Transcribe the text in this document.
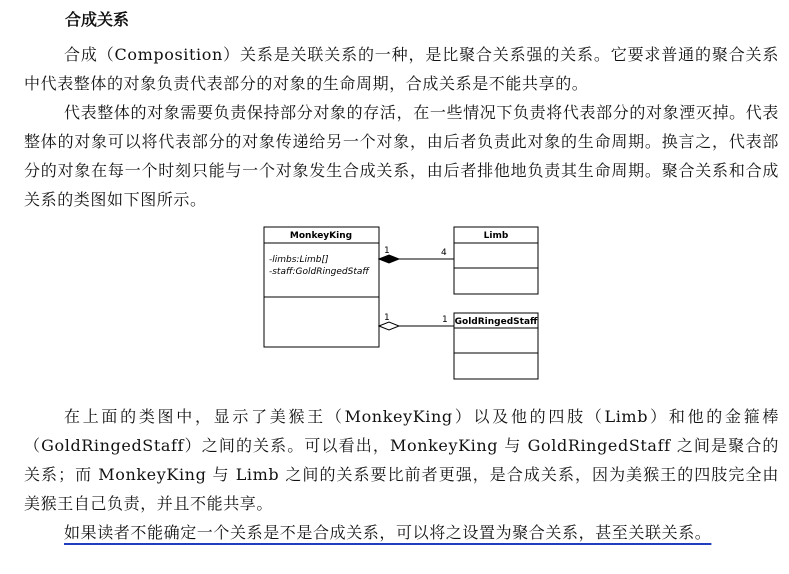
合成关系

合成（Composition）关系是关联关系的一种，是比聚合关系强的关系。它要求普通的聚合关系中代表整体的对象负责代表部分的对象的生命周期，合成关系是不能共享的。

代表整体的对象需要负责保持部分对象的存活，在一些情况下负责将代表部分的对象湮灭掉。代表整体的对象可以将代表部分的对象传递给另一个对象，由后者负责此对象的生命周期。换言之，代表部分的对象在每一个时刻只能与一个对象发生合成关系，由后者排他地负责其生命周期。聚合关系和合成关系的类图如下图所示。

MonkeyKing
-limbs:Limb[]
-staff:GoldRingedStaff
Limb
GoldRingedStaff
1	4
1	1

在上面的类图中，显示了美猴王（MonkeyKing）以及他的四肢（Limb）和他的金箍棒（GoldRingedStaff）之间的关系。可以看出，MonkeyKing 与 GoldRingedStaff 之间是聚合的关系；而 MonkeyKing 与 Limb 之间的关系要比前者更强，是合成关系，因为美猴王的四肢完全由美猴王自己负责，并且不能共享。

如果读者不能确定一个关系是不是合成关系，可以将之设置为聚合关系，甚至关联关系。
